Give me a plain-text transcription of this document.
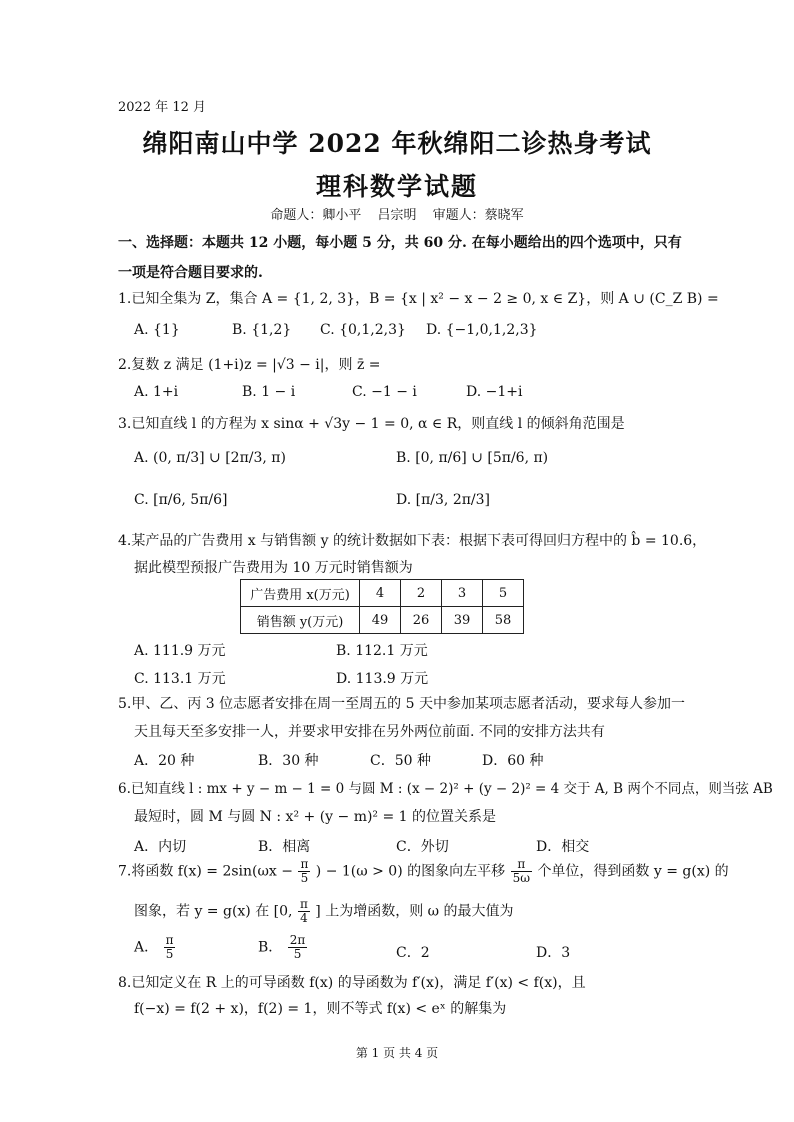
2022 年 12 月
绵阳南山中学 2022 年秋绵阳二诊热身考试
理科数学试题
命题人：卿小平 吕宗明 审题人：蔡晓军
一、选择题：本题共 12 小题，每小题 5 分，共 60 分. 在每小题给出的四个选项中，只有一项是符合题目要求的.
1.已知全集为 Z，集合 A = {1, 2, 3}，B = {x | x² − x − 2 ≥ 0, x ∈ Z}，则 A ∪ (C_Z B) =
A. {1}	B. {1,2} C. {0,1,2,3} D. {−1,0,1,2,3}
2.复数 z 满足 (1+i)z = |√3 − i|，则 z̄ =
A. 1+i	B. 1 − i	C. −1 − i	D. −1+i
3.已知直线 l 的方程为 x sinα + √3y − 1 = 0, α ∈ R，则直线 l 的倾斜角范围是
A. (0, π/3] ∪ [2π/3, π)	B. [0, π/6] ∪ [5π/6, π)
C. [π/6, 5π/6]	D. [π/3, 2π/3]
4.某产品的广告费用 x 与销售额 y 的统计数据如下表：根据下表可得回归方程中的 b̂ = 10.6，
据此模型预报广告费用为 10 万元时销售额为
广告费用 x(万元)	4	2	3	5
销售额 y(万元)	49	26	39	58
A. 111.9 万元	B. 112.1 万元
C. 113.1 万元	D. 113.9 万元
5.甲、乙、丙 3 位志愿者安排在周一至周五的 5 天中参加某项志愿者活动，要求每人参加一
天且每天至多安排一人，并要求甲安排在另外两位前面. 不同的安排方法共有
A．20 种	B．30 种	C．50 种	D．60 种
6.已知直线 l : mx + y − m − 1 = 0 与圆 M : (x − 2)² + (y − 2)² = 4 交于 A, B 两个不同点，则当弦 AB
最短时，圆 M 与圆 N : x² + (y − m)² = 1 的位置关系是
A．内切	B．相离	C．外切	D．相交
7.将函数 $f(x) = 2\sin(\omega x - \frac{\pi}{5}$ ) − 1(ω > 0) 的图象向左平移 $\frac{\pi}{5\omega}$ 个单位，得到函数 y = g(x) 的
图象，若 y = g(x) 在 [0, $\frac{\pi}{4}$ ] 上为增函数，则 ω 的最大值为
A． $\frac{\pi}{5}$	B． $\frac{2\pi}{5}$	C．2	D．3
8.已知定义在 R 上的可导函数 f(x) 的导函数为 f′(x)，满足 f′(x) < f(x)，且
f(−x) = f(2 + x)，f(2) = 1，则不等式 f(x) < eˣ 的解集为
第 1 页 共 4 页
